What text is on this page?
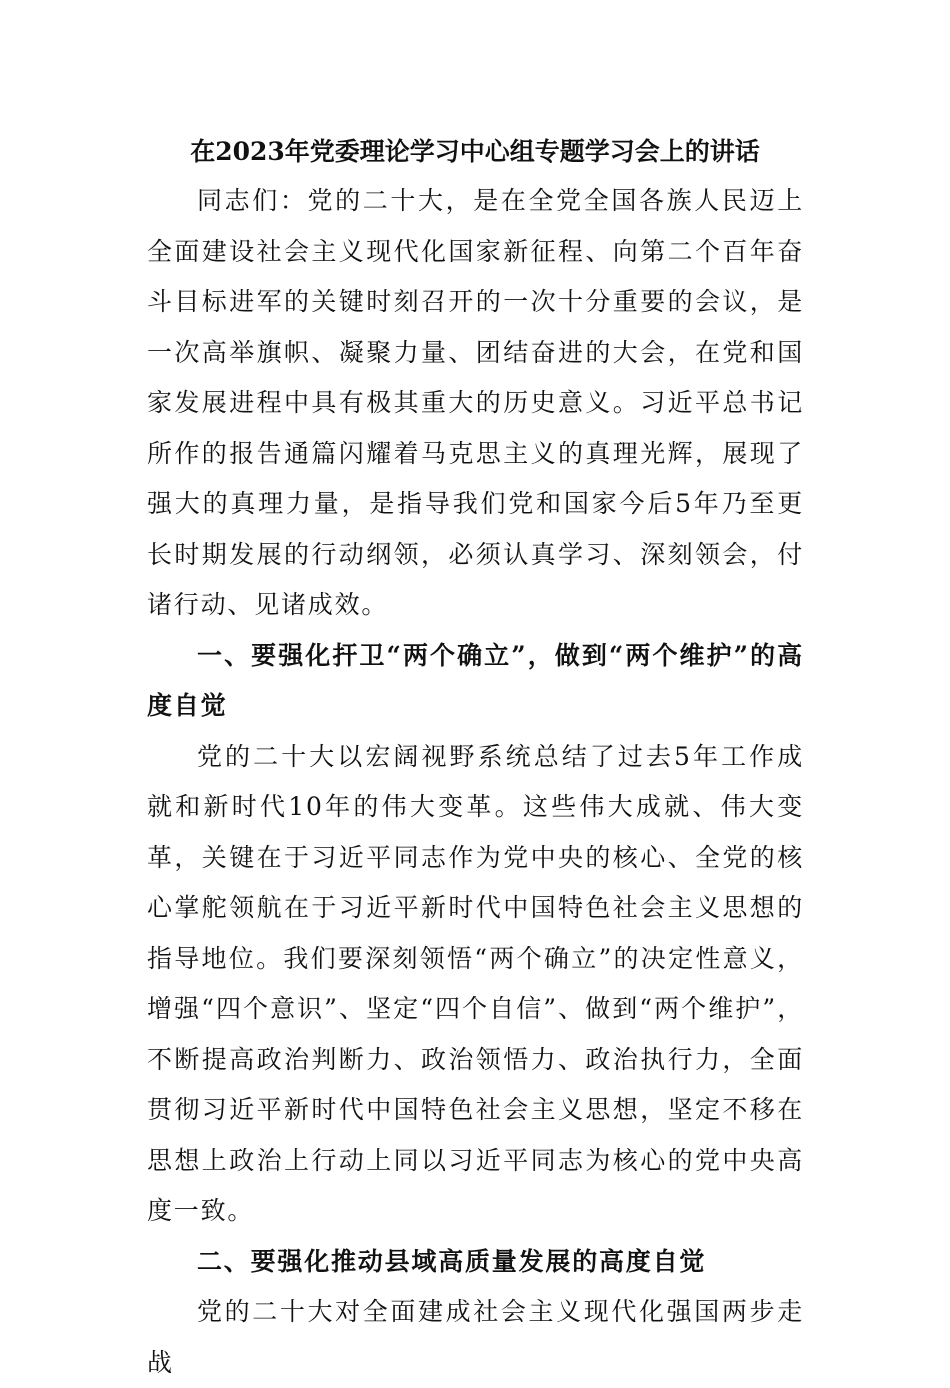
在2023年党委理论学习中心组专题学习会上的讲话

同志们：党的二十大，是在全党全国各族人民迈上全面建设社会主义现代化国家新征程、向第二个百年奋斗目标进军的关键时刻召开的一次十分重要的会议，是一次高举旗帜、凝聚力量、团结奋进的大会，在党和国家发展进程中具有极其重大的历史意义。习近平总书记所作的报告通篇闪耀着马克思主义的真理光辉，展现了强大的真理力量，是指导我们党和国家今后5年乃至更长时期发展的行动纲领，必须认真学习、深刻领会，付诸行动、见诸成效。

一、要强化扞卫“两个确立”，做到“两个维护”的高度自觉

党的二十大以宏阔视野系统总结了过去5年工作成就和新时代10年的伟大变革。这些伟大成就、伟大变革，关键在于习近平同志作为党中央的核心、全党的核心掌舵领航在于习近平新时代中国特色社会主义思想的指导地位。我们要深刻领悟“两个确立”的决定性意义，增强“四个意识”、坚定“四个自信”、做到“两个维护”，不断提高政治判断力、政治领悟力、政治执行力，全面贯彻习近平新时代中国特色社会主义思想，坚定不移在思想上政治上行动上同以习近平同志为核心的党中央高度一致。

二、要强化推动县域高质量发展的高度自觉

党的二十大对全面建成社会主义现代化强国两步走战
